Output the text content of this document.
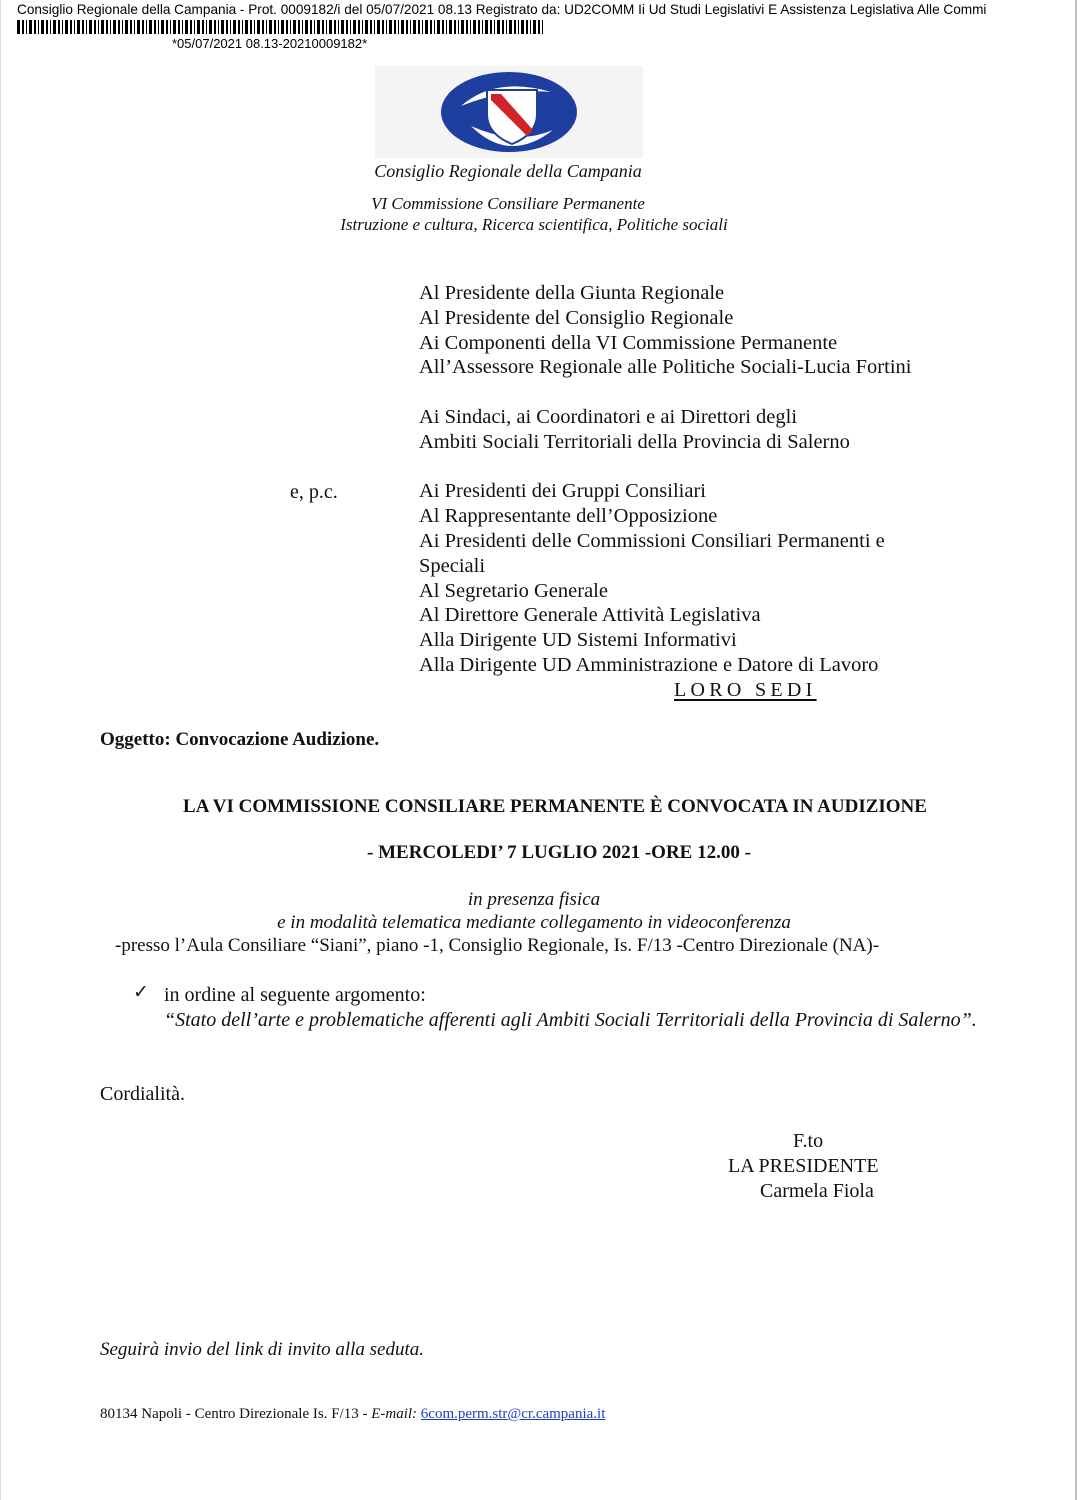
Consiglio Regionale della Campania - Prot. 0009182/i del 05/07/2021 08.13 Registrato da: UD2COMM Ii Ud Studi Legislativi E Assistenza Legislativa Alle Commi
*05/07/2021 08.13-20210009182*
Consiglio Regionale della Campania
VI Commissione Consiliare Permanente
Istruzione e cultura, Ricerca scientifica, Politiche sociali
Al Presidente della Giunta Regionale
Al Presidente del Consiglio Regionale
Ai Componenti della VI Commissione Permanente
All’Assessore Regionale alle Politiche Sociali-Lucia Fortini
Ai Sindaci, ai Coordinatori e ai Direttori degli
Ambiti Sociali Territoriali della Provincia di Salerno
Ai Presidenti dei Gruppi Consiliari
Al Rappresentante dell’Opposizione
Ai Presidenti delle Commissioni Consiliari Permanenti e
Speciali
Al Segretario Generale
Al Direttore Generale Attività Legislativa
Alla Dirigente UD Sistemi Informativi
Alla Dirigente UD Amministrazione e Datore di Lavoro
e, p.c.
LORO SEDI
Oggetto: Convocazione Audizione.
LA VI COMMISSIONE CONSILIARE PERMANENTE È CONVOCATA IN AUDIZIONE
- MERCOLEDI’ 7 LUGLIO 2021 -ORE 12.00 -
in presenza fisica
e in modalità telematica mediante collegamento in videoconferenza
-presso l’Aula Consiliare “Siani”, piano -1, Consiglio Regionale, Is. F/13 -Centro Direzionale (NA)-
✓ in ordine al seguente argomento:
“Stato dell’arte e problematiche afferenti agli Ambiti Sociali Territoriali della Provincia di Salerno”.
Cordialità.
F.to
LA PRESIDENTE
Carmela Fiola
Seguirà invio del link di invito alla seduta.
80134 Napoli - Centro Direzionale Is. F/13 - E-mail: 6com.perm.str@cr.campania.it
